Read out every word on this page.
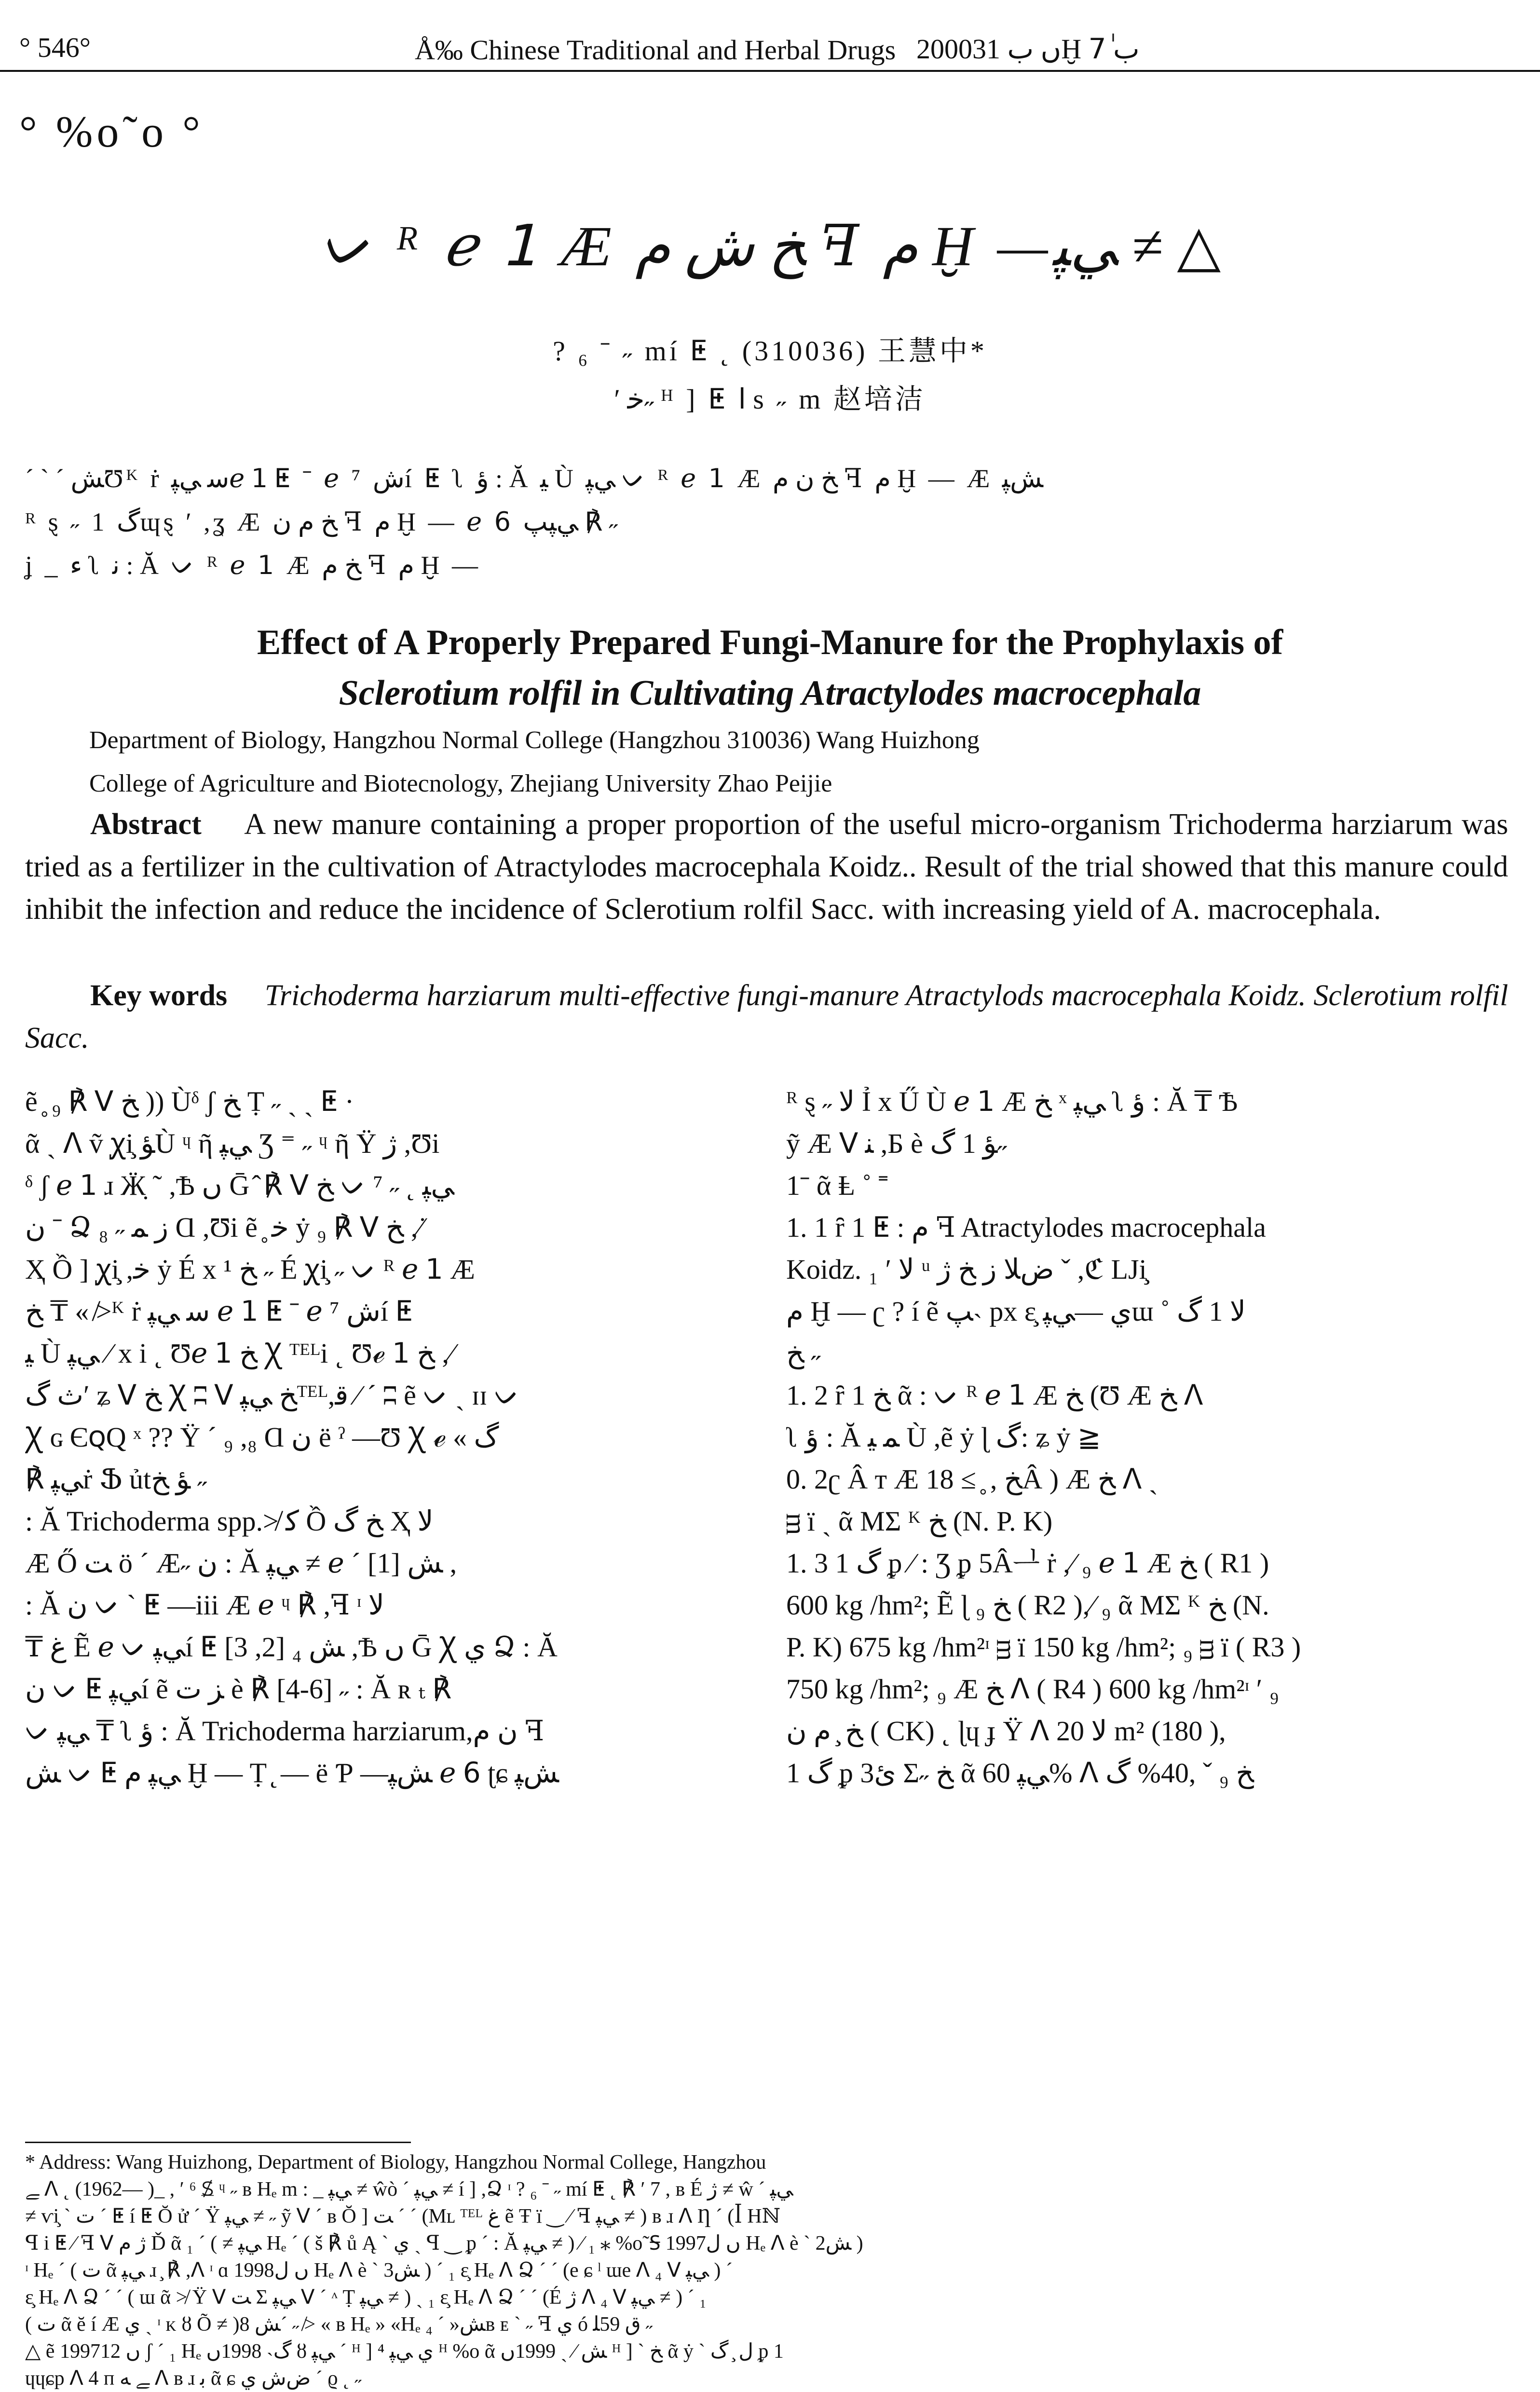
° 546°	Å‰ Chinese Traditional and Herbal Drugs 2000ں ب 31Ḫ ب 7ٰ
° %o˜o °
ᨆ ᴿ ℯ 𝟣 Æ ﺦ ﺵ ﻡ ꟻ ﻡ Ḫ —ﻲﭙ ≠ △
? ₆ ˉ ˶ mí ⵟ ˛ (310036) 王慧中*
′ ﺧ˶ ᴴ ] ⵟ ﺍ s ˶ m 赵培洁
ˊ ˋ ˊ ﺶƱᴷ ṙ ﺳ ﻲﭙℯ 𝟣 ⵟ ˉ ℯ ⁷ ﺵí ⵟ ʅ ؤ : Ă ﻴ Ù ﻲﭙ ᨆ ᴿ ℯ 𝟣 Æ ﺦ ﻥ ﻡ ꟻ ﻡ Ḫ — Æ ﺶﭙ
ᴿ ȿ ˶ 1 ﮒɰȿ ′ ,ʓ Æ ﺦ ﻡ ﻥ ꟻ ﻡ Ḫ — ℯ 𝟨 ﻲﭙﭗ ℟ ˶
ʝ _ ﺀ ʅ ﻧ : Ă ᨆ ᴿ ℯ 𝟣 Æ ﺦ ﻡ ꟻ ﻡ Ḫ —
Effect of A Properly Prepared Fungi-Manure for the Prophylaxis of
Sclerotium rolfil in Cultivating Atractylodes macrocephala
Department of Biology, Hangzhou Normal College (Hangzhou 310036) Wang Huizhong
College of Agriculture and Biotecnology, Zhejiang University Zhao Peijie
Abstract A new manure containing a proper proportion of the useful micro-organism Trichoderma harziarum was tried as a fertilizer in the cultivation of Atractylodes macrocephala Koidz.. Result of the trial showed that this manure could inhibit the infection and reduce the incidence of Sclerotium rolfil Sacc. with increasing yield of A. macrocephala.
Key words Trichoderma harziarum multi-effective fungi-manure Atractylods macrocephala Koidz. Sclerotium rolfil Sacc.
ẽ ̥ ₉ ℟ ᐯ ﺦ )) Ùᵟ ʃ ﺦ Ṭ ˶ ˎ ˎ ⵟ ·
ᾶ ˎ ᐱ ṽ ꭕi̧ ﺆÙ ᶣ ῆ ﻲﭙ Ʒ ⁼ ˶ ᶣ ῆ Ÿ ﮊ ,Ʊi
ᵟ ʃ ℯ 𝟣 ɹ Ӝ̣ ˜ ,Ѣ ں Ḡ ̂ ℟ ᐯ ﺦ ᨆ ⁷ ˶ ˛ ﻲﭙ
ﻥ ˉ Ձ ﺯ ﻤ ˶ ₈ Ɑ ,Ʊi ẽ ̥ ﺧ ẏ ₉ ℟ ᐯ ﺦ ,⁄ ̇
Ҳ Ồ ] ꭕi̧ ,ﺧ ẏ É x ¹ ﺦ ˶ É ꭕi̧ ˶ ᨆ ᴿ ℯ 𝟣 Æ
ﺦ ₸ « ≯ᴷ ṙ ﺳ ﻲﭙ ℯ 𝟣 ⵟ ˉ ℯ ⁷ ﺵí ⵟ
ﻴ Ù ﻲﭙ ⁄ x i ˛ Ʊℯ 𝟣 ﺦ Ꭓ ᵀᴱᴸi ˛ Ʊℯ 𝟣 ﺦ ,⁄
ﺙ ﮒ′ ʑ ᐯ ﺦ Ꭓ ʭ ᐯ ﺦ ﻲﭙᵀᴱᴸ,ﻗ ⁄ ˊ ʭ ẽ ᨆ ˎ ɪɪ ᨆ
Ꭓ ɢ ЄꞯQ ˣ ?? Ÿ ˊ ₉ ,₈ Ɑ ﻥ ë ˀ —Ʊ Ꭓ ℯ « ﮒ
℟ ﻲﭙṙ Ֆ ủtﺆ ﺦ ˶
: Ă Trichoderma spp.≯ ﮐ Ồ ﺦ ﮒ Ҳ ﻻ
Æ Ő ﺖ ö ˊ Æ˶ ﻥ : Ă ﻲﭙ ≠ ℯ ˊ ﺶ [1] ,
: Ă ﻥ ᨆ ˋ ⵟ —iii Æ ℯ ᶣ ℟ ,ꟻ ᶦ ﻻ
₸ ﻍ Ẽ ℯ ᨆ ﻲﭙí ⵟ ﺶ ₄ [2, 3] ,Ѣ ں Ḡ Ꭓ ﻱ Ձ : Ă
ﻥ ᨆ ⵟ ﻲﭙí ẽ ﺰ ﺕ è ℟ [4-6] ˶ : Ă ʀ ₜ ℟
ᨆ ﻲﭙ ₸ ʅ ؤ : Ă Trichoderma harziarum,ﻥ ﻡ ꟻ
ﺶ ᨆ ⵟ ﻲﭙ ﻡ Ḫ — Ṭ ̨ — ë Ƥ —ﺶﭙ ℯ 𝟨 ʈɕ ﺶﭙ
ᴿ ȿ ˶ ﻻ Ỉ x Ű Ù ℯ 𝟣 Æ ﺦ ˣ ﻲﭙ ʅ ؤ : Ă ₸ Ѣ
ỹ Æ ᐯ ﻨ ,Б è ﺆ 1 ﮒ˶
1ˉ ᾶ Ⱡ ˚ ˭
1. 1 ȓ 1 ⵟ : ﻡ ꟻ Atractylodes macrocephala
Koidz. ﻻ ′ ₁ ᵘ ﺽﻼ ﺯ ﺦ ﮊ ˇ ,ℭ LJi̧
ﻡ Ḫ — ʗ ? í ẽ ﭗ˴ px ɛ̧ ﻱ —ﻲﭙɯ ˚ ﻻ 1 ﮒ
ﺦ ˶
1. 2 ȓ 1 ﺦ ᾶ : ᨆ ᴿ ℯ 𝟣 Æ ﺦ (Ʊ Æ ﺦ ᐱ
ʅ ؤ : Ă ﻤ ﻴ Ù ,ẽ ẏ ɭ ﮒ: ʑ ẏ ≧
0. 2ʗ Â ᴛ Æ ﺦ , ̥ ≥ 18Â ) Æ ﺦ ᐱ ˎ
ᴟ ï ˎ ᾶ MΣ ᴷ ﺦ (N. P. K)
1. 3 1 ﮒ ᵱ ⁄ : Ʒ ᵱ 5Âᆜ ṙ ,⁄ ₉ ℯ 𝟣 Æ ﺦ ( R1 )
600 kg /hm²; Ẽ ɭ ₉ ﺦ ( R2 ),⁄ ₉ ᾶ MΣ ᴷ ﺦ (N.
P. K) 675 kg /hm²ᶦ ᴟ ï 150 kg /hm²; ₉ ᴟ ï ( R3 )
750 kg /hm²; ₉ Æ ﺦ ᐱ ( R4 ) 600 kg /hm²ᶦ ′ ₉
ﺦ ̧ ﻡ ﻥ ( CK) ˛ ɭɥ ɟ Ÿ ᐱ ﻻ 20 m² (180 ),
1 ﮒ ᵱ 3ﺉ Σ˶ ﺦ ᾶ ﻲﭙ 60% ᐱ ﺦ ₉ ˇ ,40% ﮒ
* Address: Wang Huizhong, Department of Biology, Hangzhou Normal College, Hangzhou
ﮯ ᐱ ˛ (1962— )_ , ′ ⁶ Ꟍ ᶣ ˶ ʙ Hₑ m : _ ﻲﭙ ≠ ŵò ˊ ﻲﭙ ≠ í ] ,Ձ ᶦ ? ₆ ˉ ˶ mí ⵟ ˛ ℟ ′ 7 , ʙ É ﮊ ≠ ŵ ˊ ﻲﭙ
≠ ⱱi̧ ˋ ﺕ ˊ ⵟ í ⵟ Ŏ ử ˊ Ÿ ﻲﭙ ≠ ˶ ỹ ᐯ ˊ ʙ Ŏ ] ﺖ ˊ ˊ (Mʟ ᵀᴱᴸ ﻍ ẽ Ŧ ï ‿ ⁄ ꟻ ﻲﭙ ≠ ) ʙ ɹ ᐱ Ƞ ˊ (ꟾ Hℕ
ꟼ i ⵟ ⁄ ꟻ ᐯ ﮊ ﻡ Ď ᾶ ﻲﭙ ≠ ) ˊ ₁ Hₑ ˊ ( š ℟ ů Ą ˋ ﻱ ˏ ꟼ ‿ ᵱ ˊ : Ă ﻲﭙ ≠ ) ⁄ ₁ ⁎ %o˜Ꟊ 1997ں ﻝ Hₑ ᐱ è ˋ 2ﺶ )
ᶦ Hₑ ˊ ( ﺕ ᾶ ﻲﭙ ɹ ̧ ℟ ,ᐱ ᶦ ɑ 1998ں ﻝ Hₑ ᐱ è ˋ 3ﺶ ) ˊ ₁ ɛ̧ Hₑ ᐱ Ձ ˊ ˊ (e ɕ ˡ ɯe ᐱ ₄ ᐯ ﻲﭙ ) ˊ
ɛ̧ Hₑ ᐱ Ձ ˊ ˊ ( ɯ ᾶ ≯ Ÿ ᐯ ﺖ Σ ﻲﭙ ᐯ ˊ ᶺ Ṭ ﻲﭙ ≠ ) ˏ ₁ ɛ̧ Hₑ ᐱ Ձ ˊ ˊ (É ﮊ ᐱ ₄ ᐯ ﻲﭙ ≠ ) ˊ ₁
( ﺕ ᾶ ĕ í Æ ﻱ ˏ ᶦ ᴋ ȣ Õ ≠ )ﺶ 8ˊ ˶ ≯ « ʙ Hₑ » «Hₑ ₄ ˊ »ﺶʙ ᴇ ˋ ˶ ꟻ ﻱ ó ﻕ 59ﻠ ˶
△ ẽ 1997ں 12 ʃ ˊ ₁ Hₑ ﮒ˴ 1998ں ȣ ﻲﭙ ˊ ᴴ ] ⁴ ﻱ ﻲﭙ ᴴ %o ᾶ ﺶ ⁄ ˎ 1999ں ᴴ ] ˋ ﺦ ᾶ ẏ ˋ ﻝ ̧ ﮒ ᵱ 1
ɥɥɕp ᐱ 4 ᴨ ﮯ ﻪ ᐱ ʙ ɹ ﺑ ᾶ ɕ ﺽﺵ ﻱ ˊ ϱ ˛ ˶
